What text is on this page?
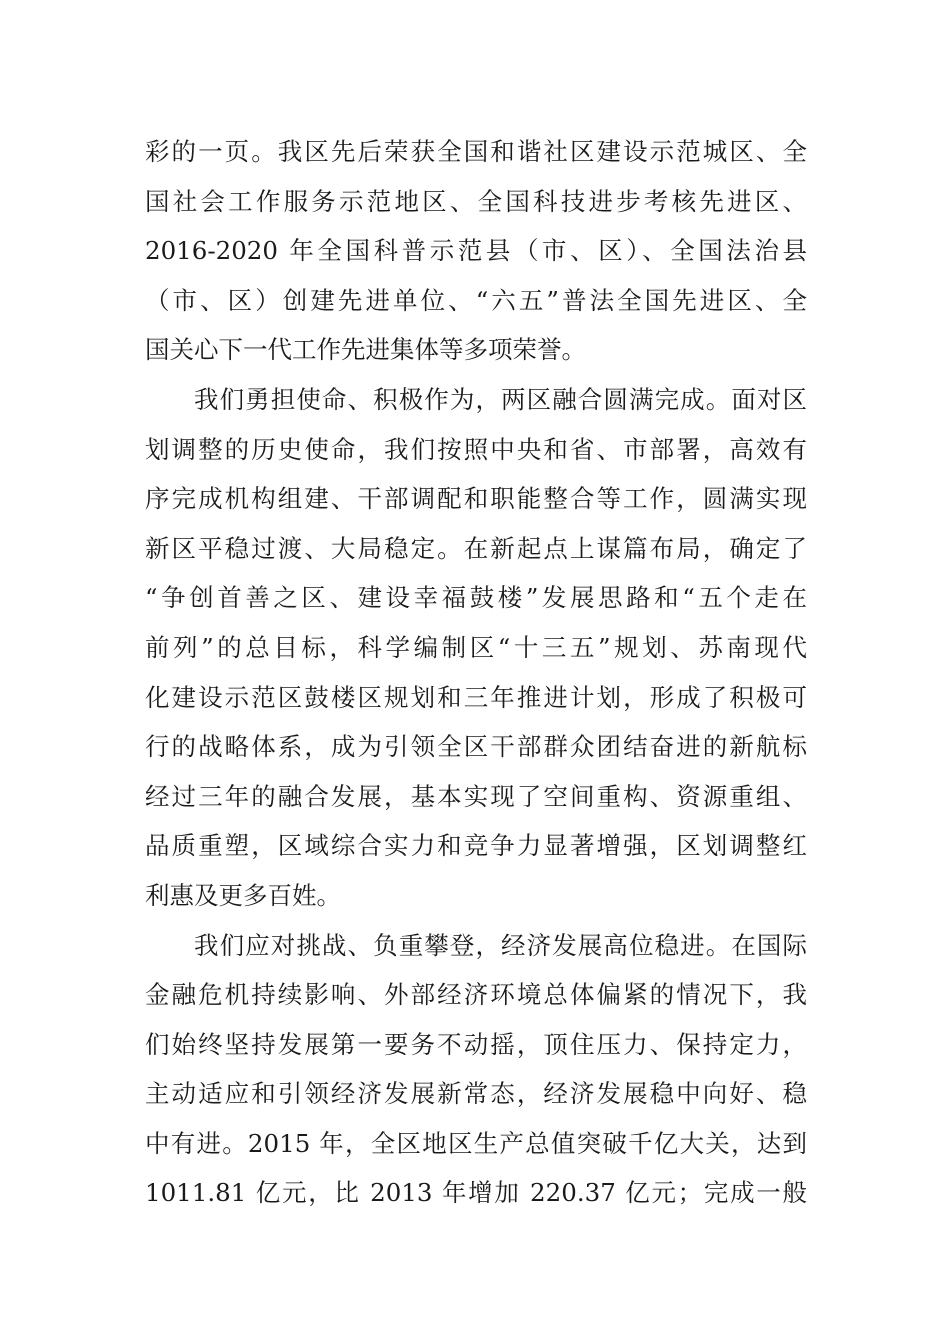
彩的一页。我区先后荣获全国和谐社区建设示范城区、全
国社会工作服务示范地区、全国科技进步考核先进区、
2016-2020 年全国科普示范县（市、区）、全国法治县
（市、区）创建先进单位、“六五”普法全国先进区、全
国关心下一代工作先进集体等多项荣誉。
我们勇担使命、积极作为，两区融合圆满完成。面对区
划调整的历史使命，我们按照中央和省、市部署，高效有
序完成机构组建、干部调配和职能整合等工作，圆满实现
新区平稳过渡、大局稳定。在新起点上谋篇布局，确定了
“争创首善之区、建设幸福鼓楼”发展思路和“五个走在
前列”的总目标，科学编制区“十三五”规划、苏南现代
化建设示范区鼓楼区规划和三年推进计划，形成了积极可
行的战略体系，成为引领全区干部群众团结奋进的新航标
经过三年的融合发展，基本实现了空间重构、资源重组、
品质重塑，区域综合实力和竞争力显著增强，区划调整红
利惠及更多百姓。
我们应对挑战、负重攀登，经济发展高位稳进。在国际
金融危机持续影响、外部经济环境总体偏紧的情况下，我
们始终坚持发展第一要务不动摇，顶住压力、保持定力，
主动适应和引领经济发展新常态，经济发展稳中向好、稳
中有进。2015 年，全区地区生产总值突破千亿大关，达到
1011.81 亿元，比 2013 年增加 220.37 亿元；完成一般
